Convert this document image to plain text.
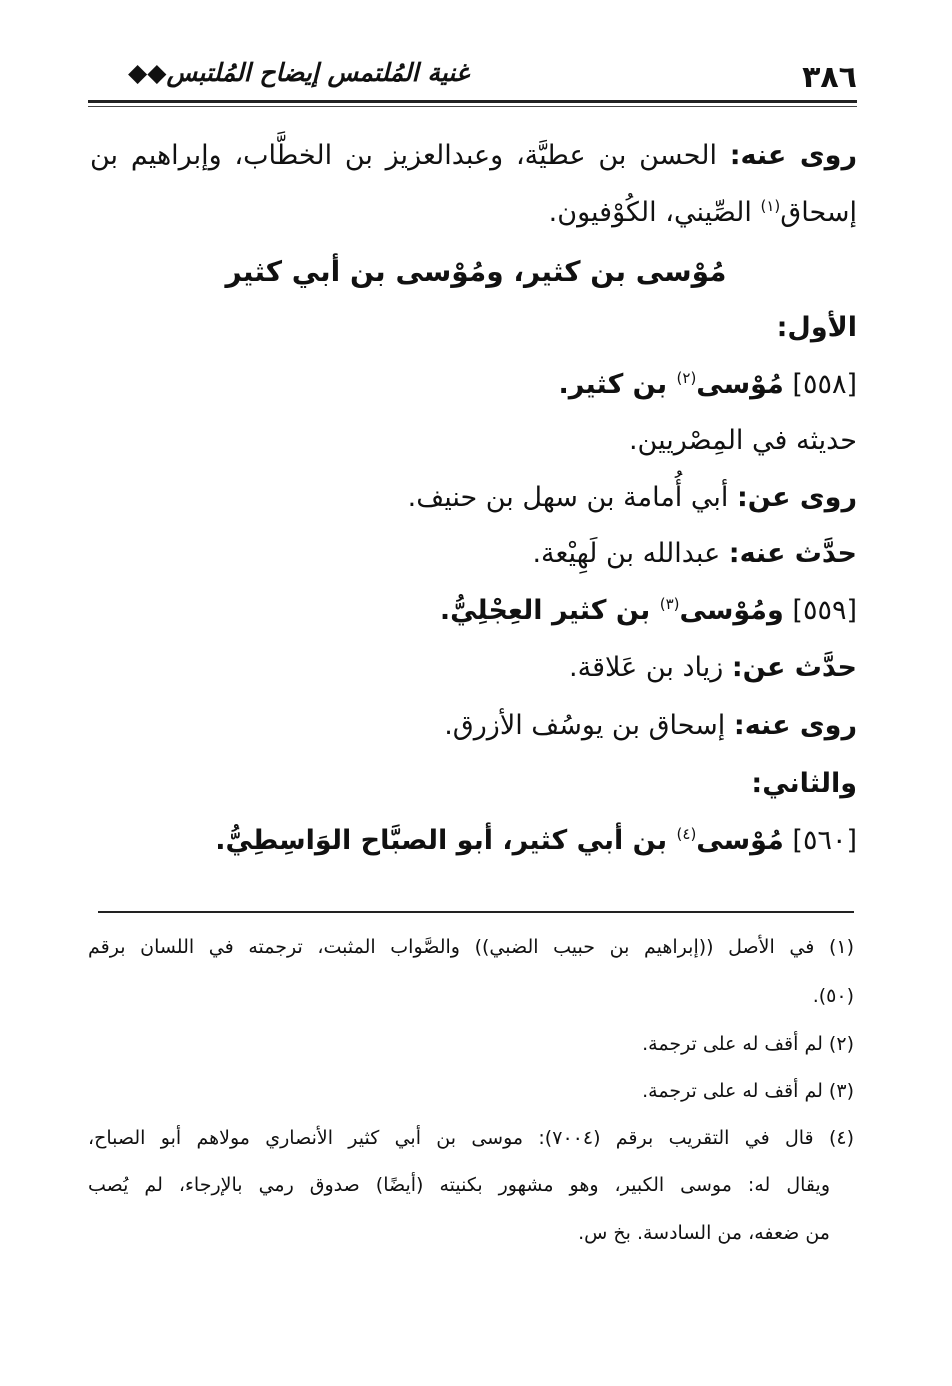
٣٨٦
غنية المُلتمس إيضاح المُلتبس◆◆
روى عنه: الحسن بن عطيَّة، وعبدالعزيز بن الخطَّاب، وإبراهيم بن
إسحاق$^{(١)}$ الصِّيني، الكُوْفيون.
مُوْسى بن كثير، ومُوْسى بن أبي كثير
الأول:
[٥٥٨] مُوْسى$^{(٢)}$ بن كثير.
حديثه في المِصْريين.
روى عن: أبي أُمامة بن سهل بن حنيف.
حدَّث عنه: عبدالله بن لَهِيْعة.
[٥٥٩] ومُوْسى$^{(٣)}$ بن كثير العِجْلِيُّ.
حدَّث عن: زياد بن عَلاقة.
روى عنه: إسحاق بن يوسُف الأزرق.
والثاني:
[٥٦٠] مُوْسى$^{(٤)}$ بن أبي كثير، أبو الصبَّاح الوَاسِطِيُّ.
(١) في الأصل ((إبراهيم بن حبيب الضبي)) والصَّواب المثبت، ترجمته في اللسان برقم
(٥٠).
(٢) لم أقف له على ترجمة.
(٣) لم أقف له على ترجمة.
(٤) قال في التقريب برقم (٧٠٠٤): موسى بن أبي كثير الأنصاري مولاهم أبو الصباح،
ويقال له: موسى الكبير، وهو مشهور بكنيته (أيضًا) صدوق رمي بالإرجاء، لم يُصب
من ضعفه، من السادسة. بخ س.
